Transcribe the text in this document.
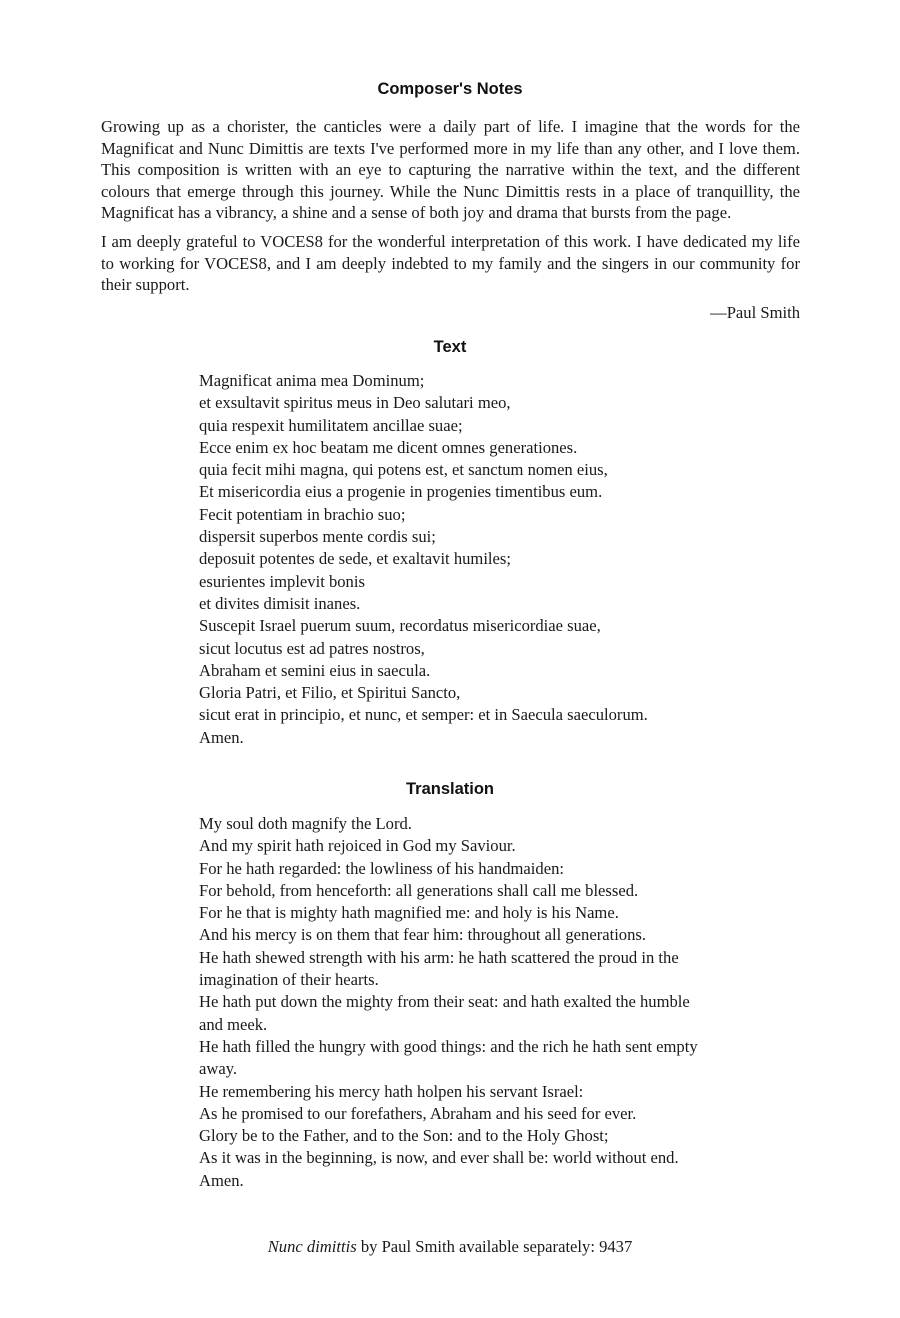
Composer's Notes

Growing up as a chorister, the canticles were a daily part of life. I imagine that the words for the Magnificat and Nunc Dimittis are texts I've performed more in my life than any other, and I love them. This composition is written with an eye to capturing the narrative within the text, and the different colours that emerge through this journey. While the Nunc Dimittis rests in a place of tranquillity, the Magnificat has a vibrancy, a shine and a sense of both joy and drama that bursts from the page.

I am deeply grateful to VOCES8 for the wonderful interpretation of this work. I have dedicated my life to working for VOCES8, and I am deeply indebted to my family and the singers in our community for their support.

—Paul Smith
Text
Magnificat anima mea Dominum;
et exsultavit spiritus meus in Deo salutari meo,
quia respexit humilitatem ancillae suae;
Ecce enim ex hoc beatam me dicent omnes generationes.
quia fecit mihi magna, qui potens est, et sanctum nomen eius,
Et misericordia eius a progenie in progenies timentibus eum.
Fecit potentiam in brachio suo;
dispersit superbos mente cordis sui;
deposuit potentes de sede, et exaltavit humiles;
esurientes implevit bonis
et divites dimisit inanes.
Suscepit Israel puerum suum, recordatus misericordiae suae,
sicut locutus est ad patres nostros,
Abraham et semini eius in saecula.
Gloria Patri, et Filio, et Spiritui Sancto,
sicut erat in principio, et nunc, et semper: et in Saecula saeculorum.
Amen.
Translation
My soul doth magnify the Lord.
And my spirit hath rejoiced in God my Saviour.
For he hath regarded: the lowliness of his handmaiden:
For behold, from henceforth: all generations shall call me blessed.
For he that is mighty hath magnified me: and holy is his Name.
And his mercy is on them that fear him: throughout all generations.
He hath shewed strength with his arm: he hath scattered the proud in the imagination of their hearts.
He hath put down the mighty from their seat: and hath exalted the humble and meek.
He hath filled the hungry with good things: and the rich he hath sent empty away.
He remembering his mercy hath holpen his servant Israel:
As he promised to our forefathers, Abraham and his seed for ever.
Glory be to the Father, and to the Son: and to the Holy Ghost;
As it was in the beginning, is now, and ever shall be: world without end.
Amen.
Nunc dimittis by Paul Smith available separately: 9437
